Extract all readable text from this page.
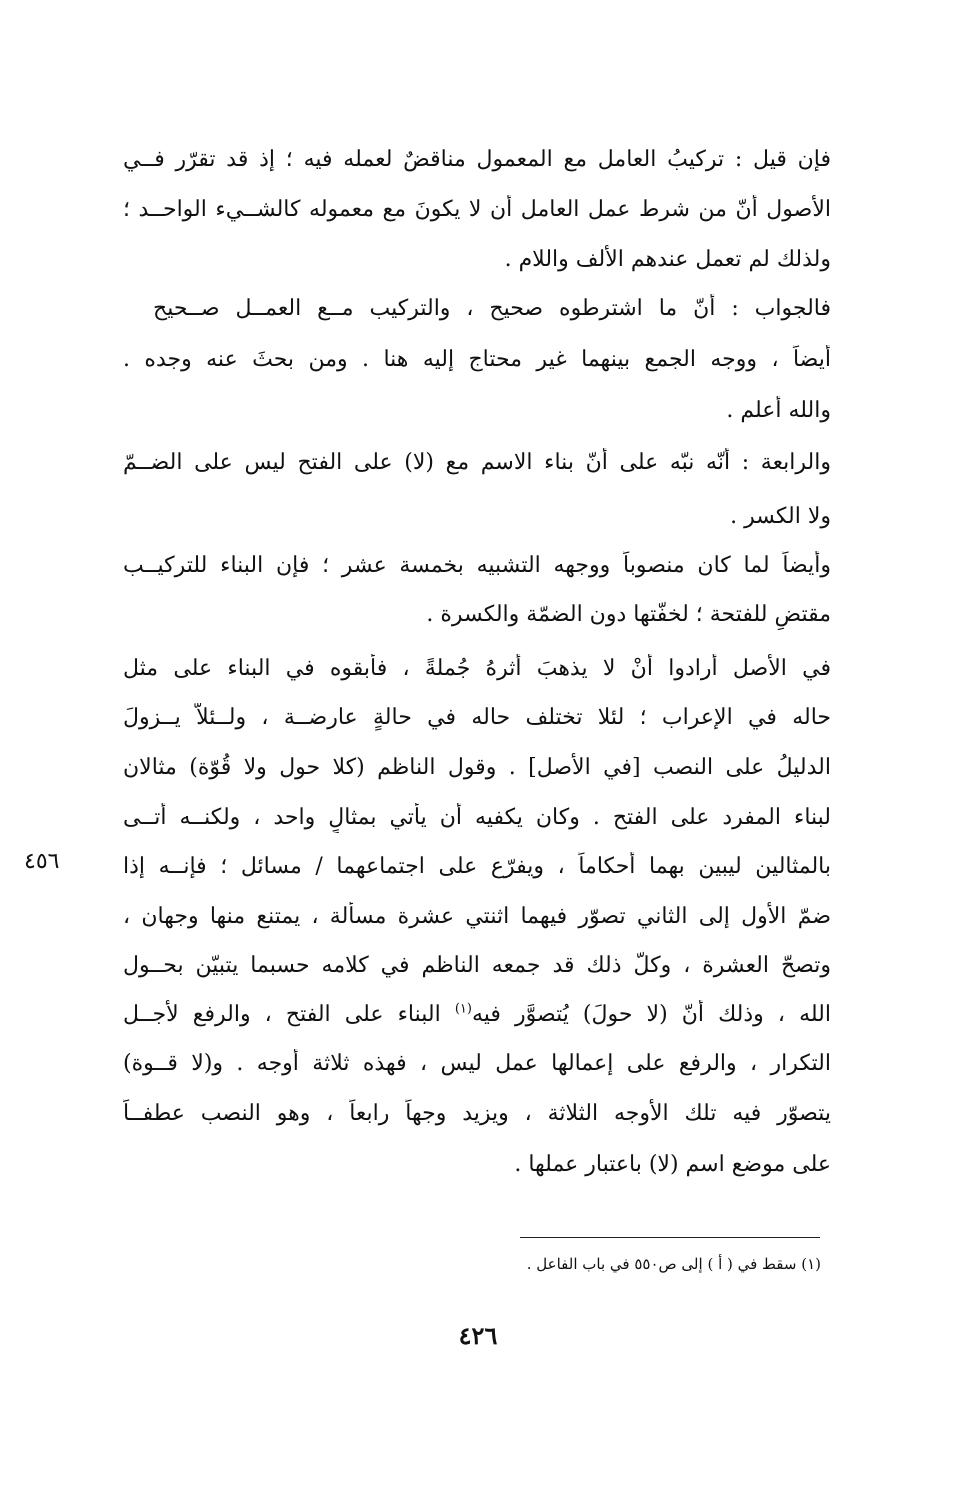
فإن قيل : تركيبُ العامل مع المعمول مناقضٌ لعمله فيه ؛ إذ قد تقرّر فــي
الأصول أنّ من شرط عمل العامل أن لا يكونَ مع معموله كالشــيء الواحــد ؛
ولذلك لم تعمل عندهم الألف واللام .
فالجواب : أنّ ما اشترطوه صحيح ، والتركيب مــع العمــل صــحيح
أيضاً ، ووجه الجمع بينهما غير محتاج إليه هنا . ومن بحثَ عنه وجده .
والله أعلم .
والرابعة : أنّه نبّه على أنّ بناء الاسم مع (لا) على الفتح ليس على الضــمّ
ولا الكسر .
وأيضاً لما كان منصوباً ووجهه التشبيه بخمسة عشر ؛ فإن البناء للتركيــب
مقتضٍ للفتحة ؛ لخفّتها دون الضمّة والكسرة .
في الأصل أرادوا أنْ لا يذهبَ أثرهُ جُملةً ، فأبقوه في البناء على مثل
حاله في الإعراب ؛ لئلا تختلف حاله في حالةٍ عارضــة ، ولــئلاّ يــزولَ
الدليلُ على النصب [في الأصل] . وقول الناظم (كلا حول ولا قُوّة) مثالان
لبناء المفرد على الفتح . وكان يكفيه أن يأتي بمثالٍ واحد ، ولكنــه أتــى
بالمثالين ليبين بهما أحكاماً ، ويفرّع على اجتماعهما / مسائل ؛ فإنــه إذا
ضمّ الأول إلى الثاني تصوّر فيهما اثنتي عشرة مسألة ، يمتنع منها وجهان ،
وتصحّ العشرة ، وكلّ ذلك قد جمعه الناظم في كلامه حسبما يتبيّن بحــول
الله ، وذلك أنّ (لا حولَ) يُتصوَّر فيه$^{(١)}$ البناء على الفتح ، والرفع لأجــل
التكرار ، والرفع على إعمالها عمل ليس ، فهذه ثلاثة أوجه . و(لا قــوة)
يتصوّر فيه تلك الأوجه الثلاثة ، ويزيد وجهاً رابعاً ، وهو النصب عطفــاً
على موضع اسم (لا) باعتبار عملها .
٤٥٦
(١) سقط في ( أ ) إلى ص٥٥٠ في باب الفاعل .
٤٢٦
